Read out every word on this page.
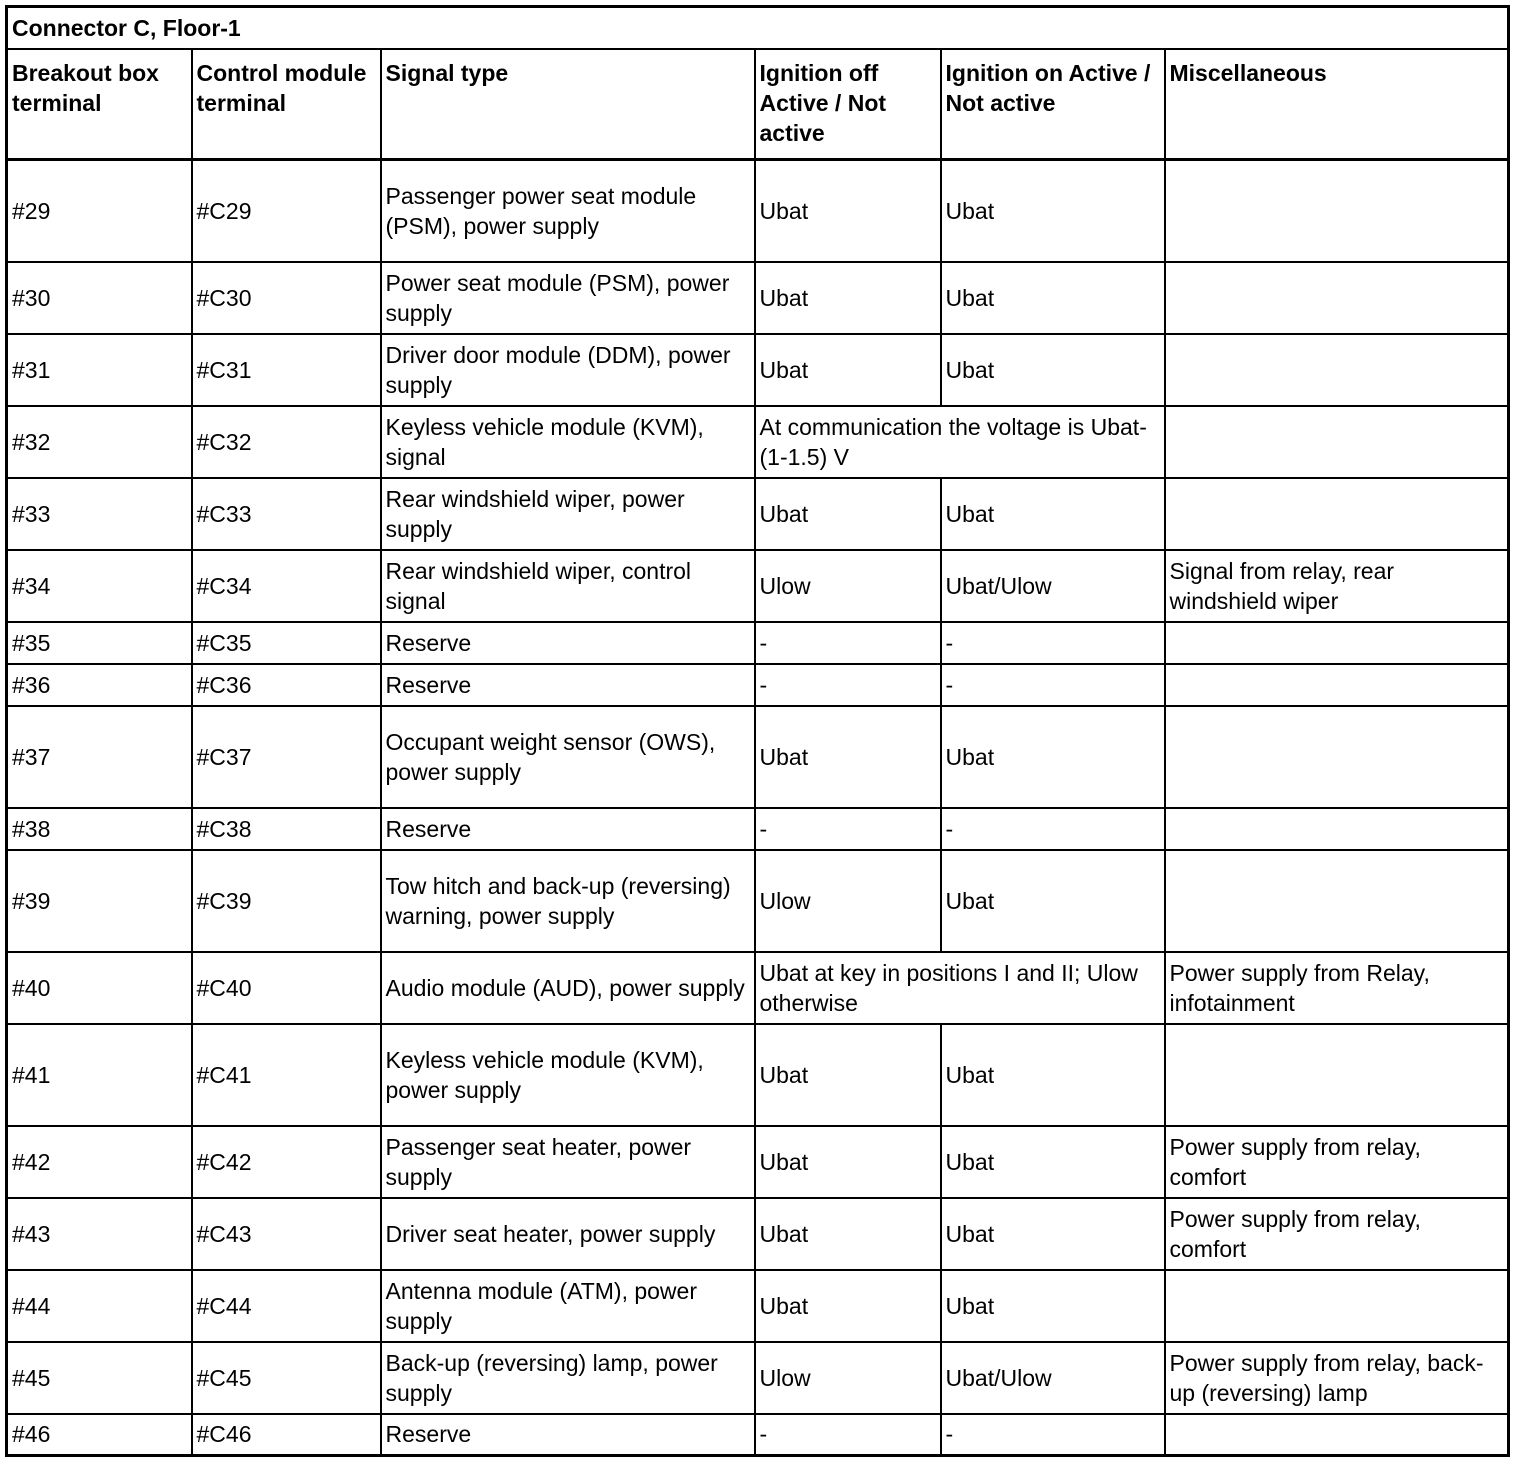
Connector C, Floor-1					
Breakout box terminal	Control module terminal	Signal type	Ignition off Active / Not active	Ignition on Active / Not active	Miscellaneous
#29	#C29	Passenger power seat module (PSM), power supply	Ubat	Ubat	
#30	#C30	Power seat module (PSM), power supply	Ubat	Ubat	
#31	#C31	Driver door module (DDM), power supply	Ubat	Ubat	
#32	#C32	Keyless vehicle module (KVM), signal	At communication the voltage is Ubat-(1-1.5) V		
#33	#C33	Rear windshield wiper, power supply	Ubat	Ubat	
#34	#C34	Rear windshield wiper, control signal	Ulow	Ubat/Ulow	Signal from relay, rear windshield wiper
#35	#C35	Reserve	-	-	
#36	#C36	Reserve	-	-	
#37	#C37	Occupant weight sensor (OWS), power supply	Ubat	Ubat	
#38	#C38	Reserve	-	-	
#39	#C39	Tow hitch and back-up (reversing) warning, power supply	Ulow	Ubat	
#40	#C40	Audio module (AUD), power supply	Ubat at key in positions I and II; Ulow otherwise		Power supply from Relay, infotainment
#41	#C41	Keyless vehicle module (KVM), power supply	Ubat	Ubat	
#42	#C42	Passenger seat heater, power supply	Ubat	Ubat	Power supply from relay, comfort
#43	#C43	Driver seat heater, power supply	Ubat	Ubat	Power supply from relay, comfort
#44	#C44	Antenna module (ATM), power supply	Ubat	Ubat	
#45	#C45	Back-up (reversing) lamp, power supply	Ulow	Ubat/Ulow	Power supply from relay, back-up (reversing) lamp
#46	#C46	Reserve	-	-	
